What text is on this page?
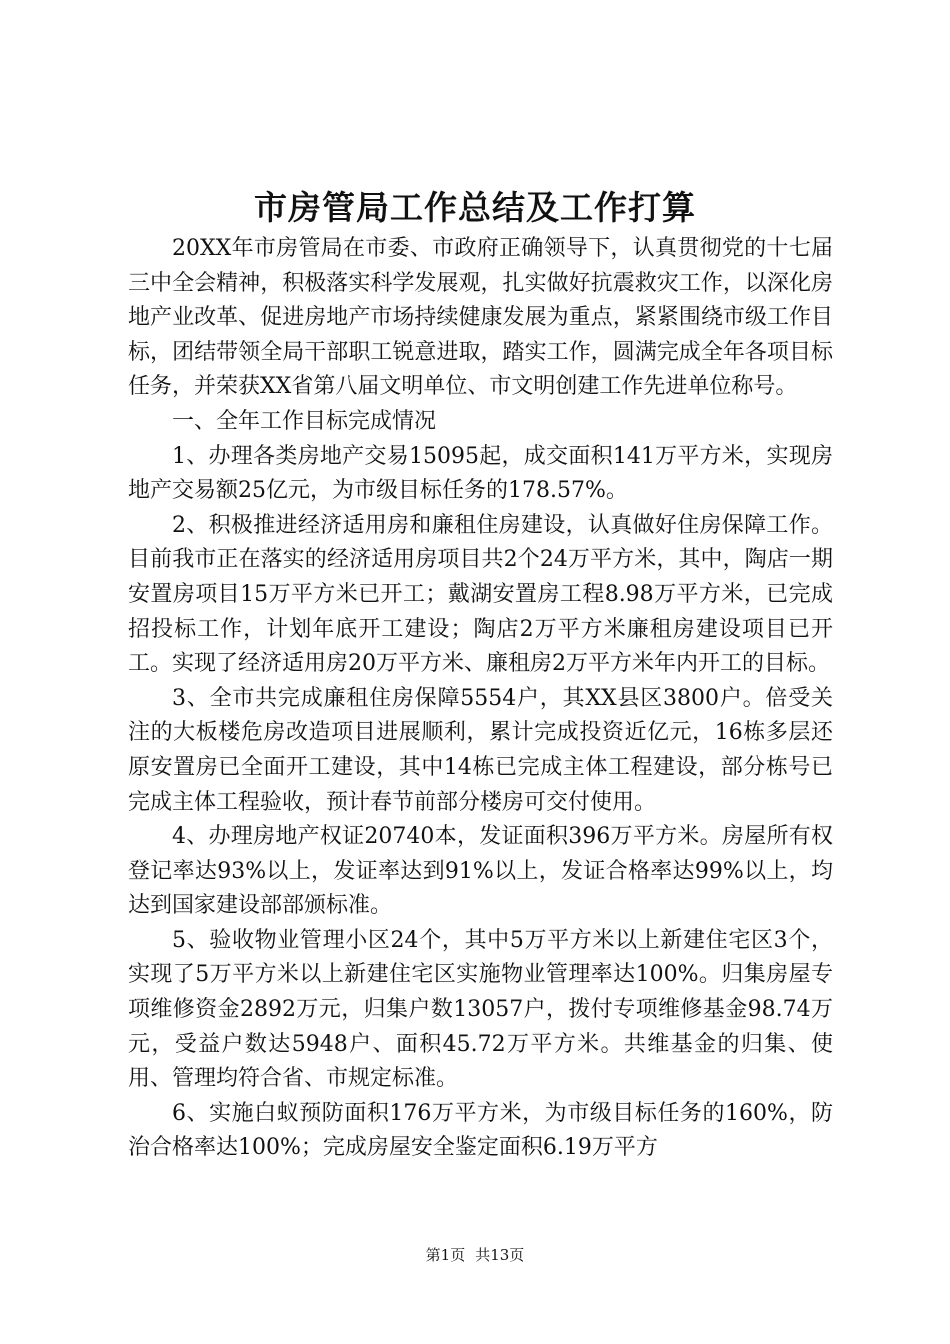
市房管局工作总结及工作打算

20XX年市房管局在市委、市政府正确领导下，认真贯彻党的十七届三中全会精神，积极落实科学发展观，扎实做好抗震救灾工作，以深化房地产业改革、促进房地产市场持续健康发展为重点，紧紧围绕市级工作目标，团结带领全局干部职工锐意进取，踏实工作，圆满完成全年各项目标任务，并荣获XX省第八届文明单位、市文明创建工作先进单位称号。

一、全年工作目标完成情况

1、办理各类房地产交易15095起，成交面积141万平方米，实现房地产交易额25亿元，为市级目标任务的178.57%。

2、积极推进经济适用房和廉租住房建设，认真做好住房保障工作。目前我市正在落实的经济适用房项目共2个24万平方米，其中，陶店一期安置房项目15万平方米已开工；戴湖安置房工程8.98万平方米，已完成招投标工作，计划年底开工建设；陶店2万平方米廉租房建设项目已开工。实现了经济适用房20万平方米、廉租房2万平方米年内开工的目标。

3、全市共完成廉租住房保障5554户，其XX县区3800户。倍受关注的大板楼危房改造项目进展顺利，累计完成投资近亿元，16栋多层还原安置房已全面开工建设，其中14栋已完成主体工程建设，部分栋号已完成主体工程验收，预计春节前部分楼房可交付使用。

4、办理房地产权证20740本，发证面积396万平方米。房屋所有权登记率达93%以上，发证率达到91%以上，发证合格率达99%以上，均达到国家建设部部颁标准。

5、验收物业管理小区24个，其中5万平方米以上新建住宅区3个，实现了5万平方米以上新建住宅区实施物业管理率达100%。归集房屋专项维修资金2892万元，归集户数13057户，拨付专项维修基金98.74万元，受益户数达5948户、面积45.72万平方米。共维基金的归集、使用、管理均符合省、市规定标准。

6、实施白蚁预防面积176万平方米，为市级目标任务的160%，防治合格率达100%；完成房屋安全鉴定面积6.19万平方

第1页 共13页
